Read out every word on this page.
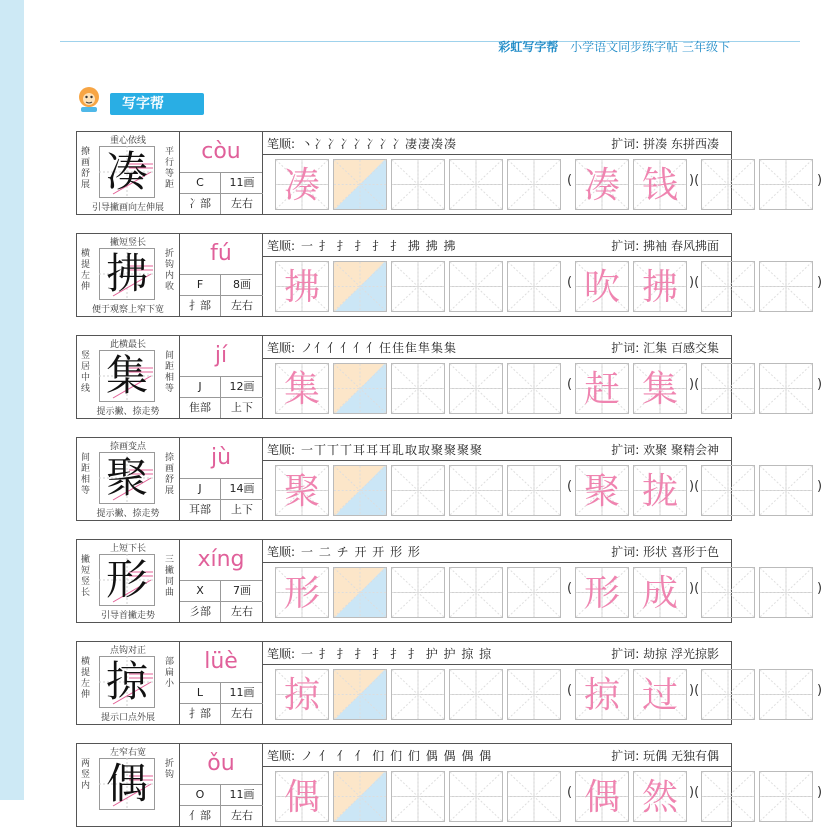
彩虹写字帮 小学语文同步练字帖 三年级下
写字帮
重心依线
撩画舒展
平行等距
凑
引导撇画向左伸展
còu
C	11画
冫部	左右
笔顺: 丶冫冫冫冫冫冫冫凄凄凑凑	扩词: 拼凑 东拼西凑
凑	凑 钱
(	)(	)
撇短竖长
横提左伸
折钩内收
拂
便于观察上窄下宽
fú
F	8画
扌部	左右
笔顺: 一 扌 扌 扌 扌 扌 拂 拂 拂	扩词: 拂袖 春风拂面
拂	吹 拂
(	)(	)
此横最长
竖居中线
间距相等
集
提示撇、捺走势
jí
J	12画
隹部	上下
笔顺: ノ亻亻亻亻亻仼佳隹隼集集	扩词: 汇集 百感交集
集	赶 集
(	)(	)
捺画变点
间距相等
捺画舒展
聚
提示撇、捺走势
jù
J	14画
耳部	上下
笔顺: 一丅丅丅耳耳耳耴取取聚聚聚聚	扩词: 欢聚 聚精会神
聚	聚 拢
(	)(	)
上短下长
撇短竖长
三撇同曲
形
引导首撇走势
xíng
X	7画
彡部	左右
笔顺: 一 二 チ 开 开 形 形	扩词: 形状 喜形于色
形	形 成
(	)(	)
点钩对正
横提左伸
部扁小
掠
提示口点外展
lüè
L	11画
扌部	左右
笔顺: 一 扌 扌 扌 扌 扌 扌 护 护 掠 掠	扩词: 劫掠 浮光掠影
掠	掠 过
(	)(	)
左窄右宽
两竖内
折钩
偶	ǒu
O	11画
亻部	左右
笔顺: ノ 亻 亻 亻 们 们 们 偶 偶 偶 偶	扩词: 玩偶 无独有偶
偶	偶 然
(	)(	)
